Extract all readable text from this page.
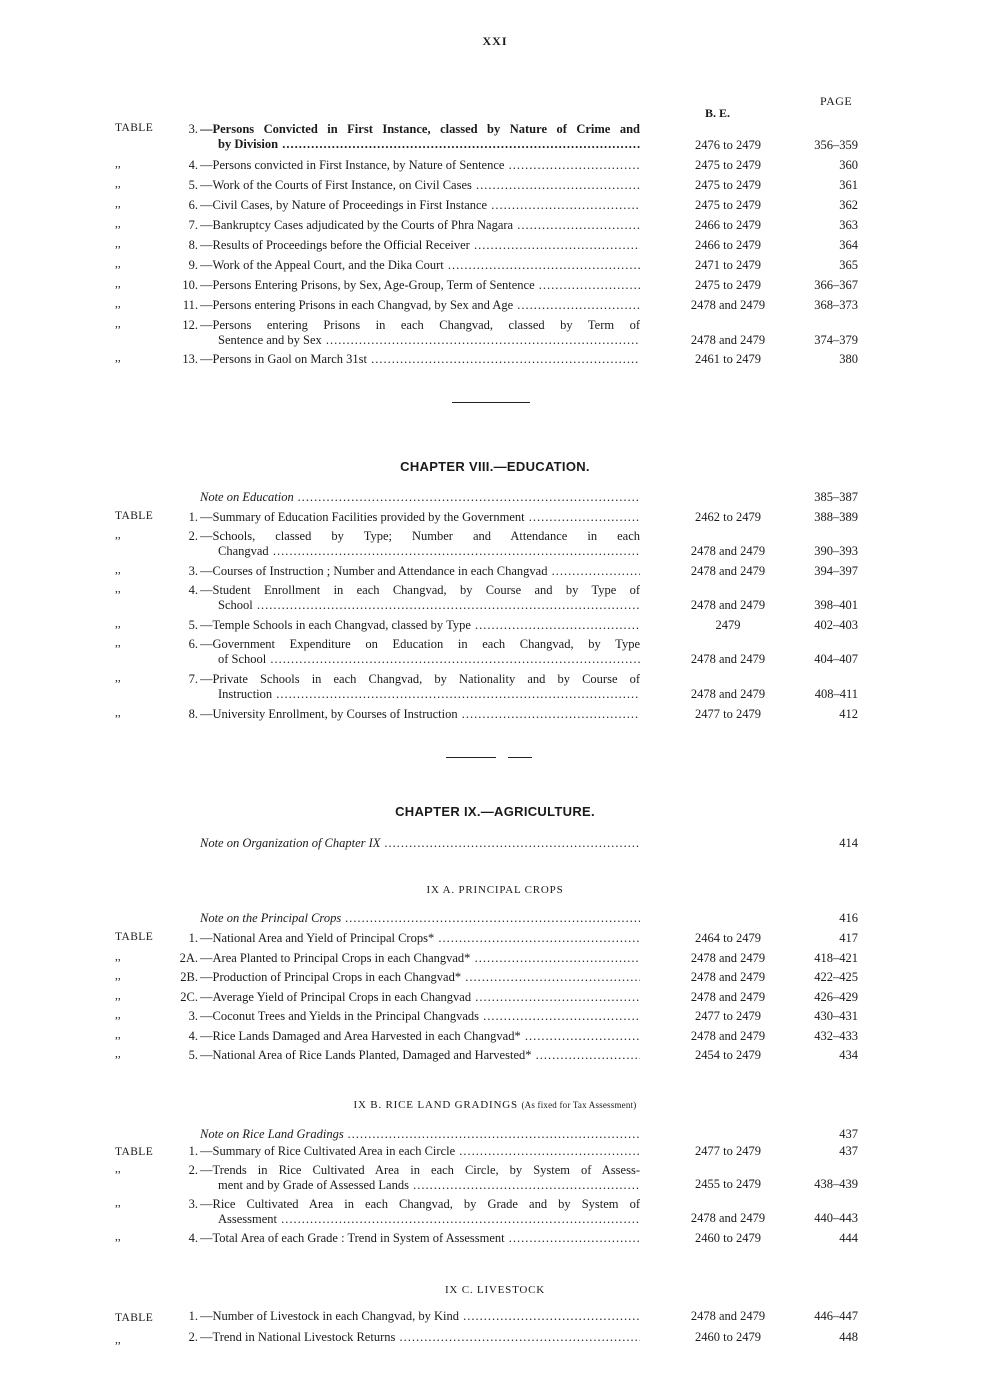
XXI
PAGE
B. E.
TABLE	3. —Persons Convicted in First Instance, classed by Nature of Crime and
by Division .....	2476 to 2479	356–359
,,	4. —Persons convicted in First Instance, by Nature of Sentence .....	2475 to 2479	360
,,	5. —Work of the Courts of First Instance, on Civil Cases .....	2475 to 2479	361
,,	6. —Civil Cases, by Nature of Proceedings in First Instance .....	2475 to 2479	362
,,	7. —Bankruptcy Cases adjudicated by the Courts of Phra Nagara .....	2466 to 2479	363
,,	8. —Results of Proceedings before the Official Receiver .....	2466 to 2479	364
,,	9. —Work of the Appeal Court, and the Dika Court .....	2471 to 2479	365
,,	10. —Persons Entering Prisons, by Sex, Age-Group, Term of Sentence .....	2475 to 2479	366–367
,,	11. —Persons entering Prisons in each Changvad, by Sex and Age .....	2478 and 2479	368–373
,,	12. —Persons entering Prisons in each Changvad, classed by Term of
Sentence and by Sex .....	2478 and 2479	374–379
,,	13. —Persons in Gaol on March 31st .....	2461 to 2479	380
CHAPTER VIII.—EDUCATION.
Note on Education .....	385–387
TABLE	1. —Summary of Education Facilities provided by the Government .....	2462 to 2479	388–389
,,	2. —Schools, classed by Type; Number and Attendance in each
Changvad .....	2478 and 2479	390–393
,,	3. —Courses of Instruction ; Number and Attendance in each Changvad .....	2478 and 2479	394–397
,,	4. —Student Enrollment in each Changvad, by Course and by Type of
School .....	2478 and 2479	398–401
,,	5. —Temple Schools in each Changvad, classed by Type .....	2479	402–403
,,	6. —Government Expenditure on Education in each Changvad, by Type
of School .....	2478 and 2479	404–407
,,	7. —Private Schools in each Changvad, by Nationality and by Course of
Instruction .....	2478 and 2479	408–411
,,	8. —University Enrollment, by Courses of Instruction .....	2477 to 2479	412
CHAPTER IX.—AGRICULTURE.
Note on Organization of Chapter IX .....	414
IX A. PRINCIPAL CROPS
Note on the Principal Crops .....	416
TABLE	1. —National Area and Yield of Principal Crops* .....	2464 to 2479	417
,,	2A. —Area Planted to Principal Crops in each Changvad* .....	2478 and 2479	418–421
,,	2B. —Production of Principal Crops in each Changvad* .....	2478 and 2479	422–425
,,	2C. —Average Yield of Principal Crops in each Changvad .....	2478 and 2479	426–429
,,	3. —Coconut Trees and Yields in the Principal Changvads .....	2477 to 2479	430–431
,,	4. —Rice Lands Damaged and Area Harvested in each Changvad* .....	2478 and 2479	432–433
,,	5. —National Area of Rice Lands Planted, Damaged and Harvested* .....	2454 to 2479	434
IX B. RICE LAND GRADINGS (As fixed for Tax Assessment)
Note on Rice Land Gradings .....	437
TABLE	1. —Summary of Rice Cultivated Area in each Circle .....	2477 to 2479	437
,,	2. —Trends in Rice Cultivated Area in each Circle, by System of Assess-
ment and by Grade of Assessed Lands .....	2455 to 2479	438–439
,,	3. —Rice Cultivated Area in each Changvad, by Grade and by System of
Assessment .....	2478 and 2479	440–443
,,	4. —Total Area of each Grade : Trend in System of Assessment .....	2460 to 2479	444
IX C. LIVESTOCK
TABLE	1. —Number of Livestock in each Changvad, by Kind .....	2478 and 2479	446–447
,,	2. —Trend in National Livestock Returns .....	2460 to 2479	448
